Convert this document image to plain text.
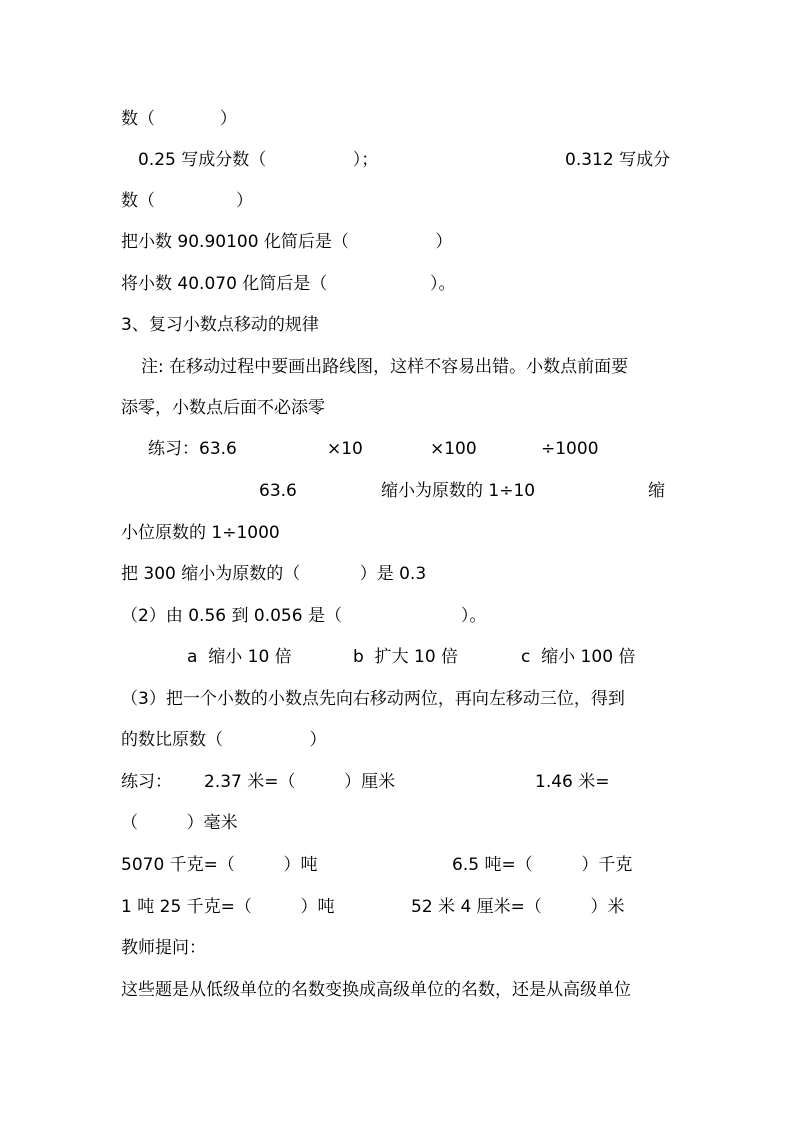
数（            ）
0.25 写成分数（                ）；	0.312 写成分
数（               ）
把小数 90.90100 化简后是（                ）
将小数 40.070 化简后是（                   ）。
3、复习小数点移动的规律
注: 在移动过程中要画出路线图，这样不容易出错。小数点前面要
添零，小数点后面不必添零
练习：63.6	×10	×100	÷1000
63.6	缩小为原数的 1÷10	缩
小位原数的 1÷1000
把 300 缩小为原数的（           ）是 0.3
（2）由 0.56 到 0.056 是（                      ）。
a  缩小 10 倍	b  扩大 10 倍	c  缩小 100 倍
（3）把一个小数的小数点先向右移动两位，再向左移动三位，得到
的数比原数（                ）
练习： 2.37 米=（         ）厘米	1.46 米=
（         ）毫米
5070 千克=（         ）吨	6.5 吨=（         ）千克
1 吨 25 千克=（         ）吨	52 米 4 厘米=（         ）米
教师提问：
这些题是从低级单位的名数变换成高级单位的名数，还是从高级单位
